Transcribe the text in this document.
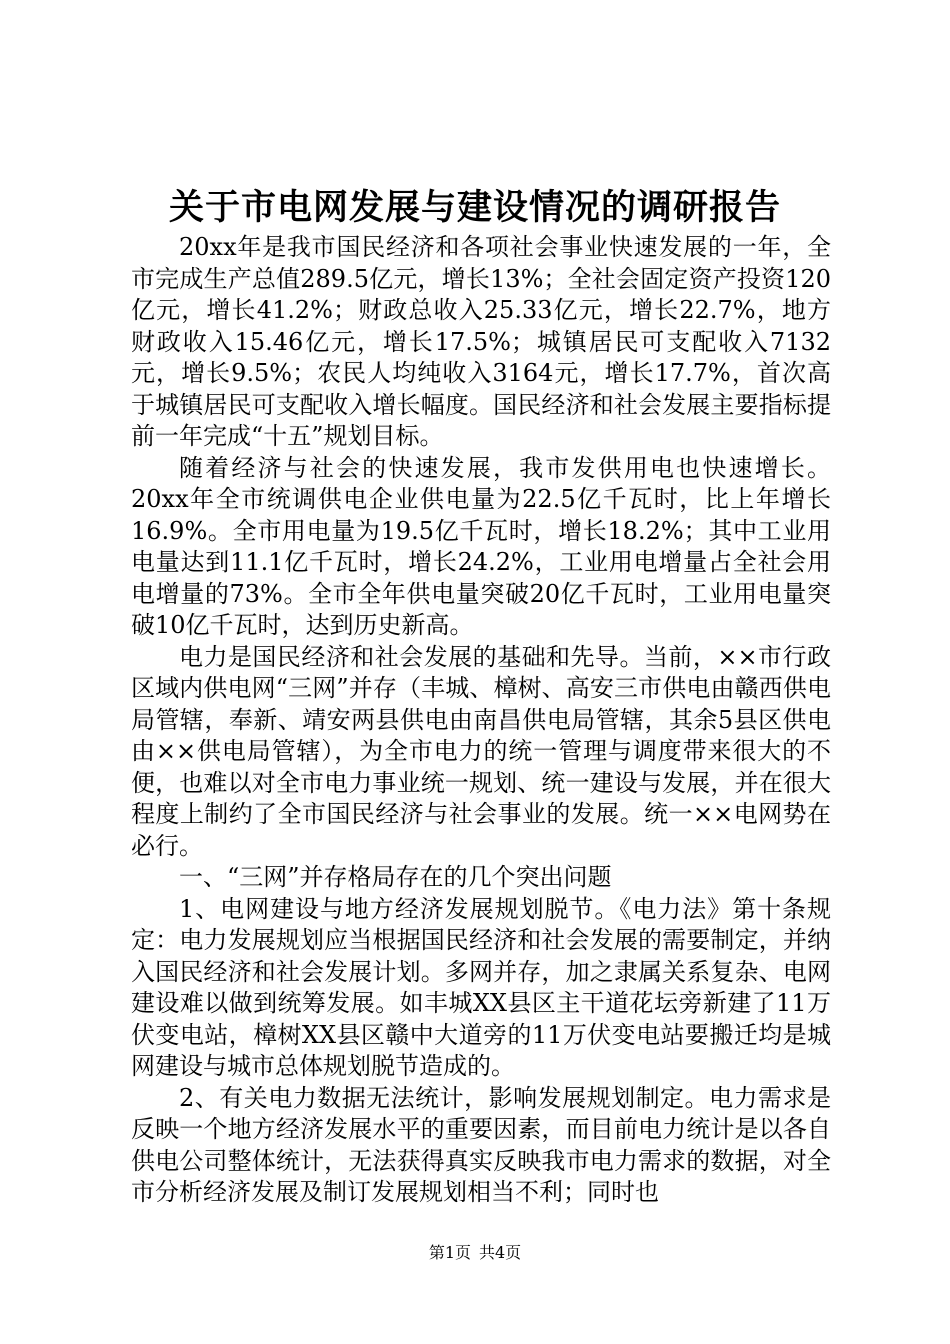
关于市电网发展与建设情况的调研报告

20xx年是我市国民经济和各项社会事业快速发展的一年，全市完成生产总值289.5亿元，增长13%；全社会固定资产投资120亿元，增长41.2%；财政总收入25.33亿元，增长22.7%，地方财政收入15.46亿元，增长17.5%；城镇居民可支配收入7132元，增长9.5%；农民人均纯收入3164元，增长17.7%，首次高于城镇居民可支配收入增长幅度。国民经济和社会发展主要指标提前一年完成“十五”规划目标。

随着经济与社会的快速发展，我市发供用电也快速增长。20xx年全市统调供电企业供电量为22.5亿千瓦时，比上年增长16.9%。全市用电量为19.5亿千瓦时，增长18.2%；其中工业用电量达到11.1亿千瓦时，增长24.2%，工业用电增量占全社会用电增量的73%。全市全年供电量突破20亿千瓦时，工业用电量突破10亿千瓦时，达到历史新高。

电力是国民经济和社会发展的基础和先导。当前，××市行政区域内供电网“三网”并存（丰城、樟树、高安三市供电由赣西供电局管辖，奉新、靖安两县供电由南昌供电局管辖，其余5县区供电由××供电局管辖），为全市电力的统一管理与调度带来很大的不便，也难以对全市电力事业统一规划、统一建设与发展，并在很大程度上制约了全市国民经济与社会事业的发展。统一××电网势在必行。

一、“三网”并存格局存在的几个突出问题

1、电网建设与地方经济发展规划脱节。《电力法》第十条规定：电力发展规划应当根据国民经济和社会发展的需要制定，并纳入国民经济和社会发展计划。多网并存，加之隶属关系复杂、电网建设难以做到统筹发展。如丰城XX县区主干道花坛旁新建了11万伏变电站，樟树XX县区赣中大道旁的11万伏变电站要搬迁均是城网建设与城市总体规划脱节造成的。

2、有关电力数据无法统计，影响发展规划制定。电力需求是反映一个地方经济发展水平的重要因素，而目前电力统计是以各自供电公司整体统计，无法获得真实反映我市电力需求的数据，对全市分析经济发展及制订发展规划相当不利；同时也

第1页 共4页
